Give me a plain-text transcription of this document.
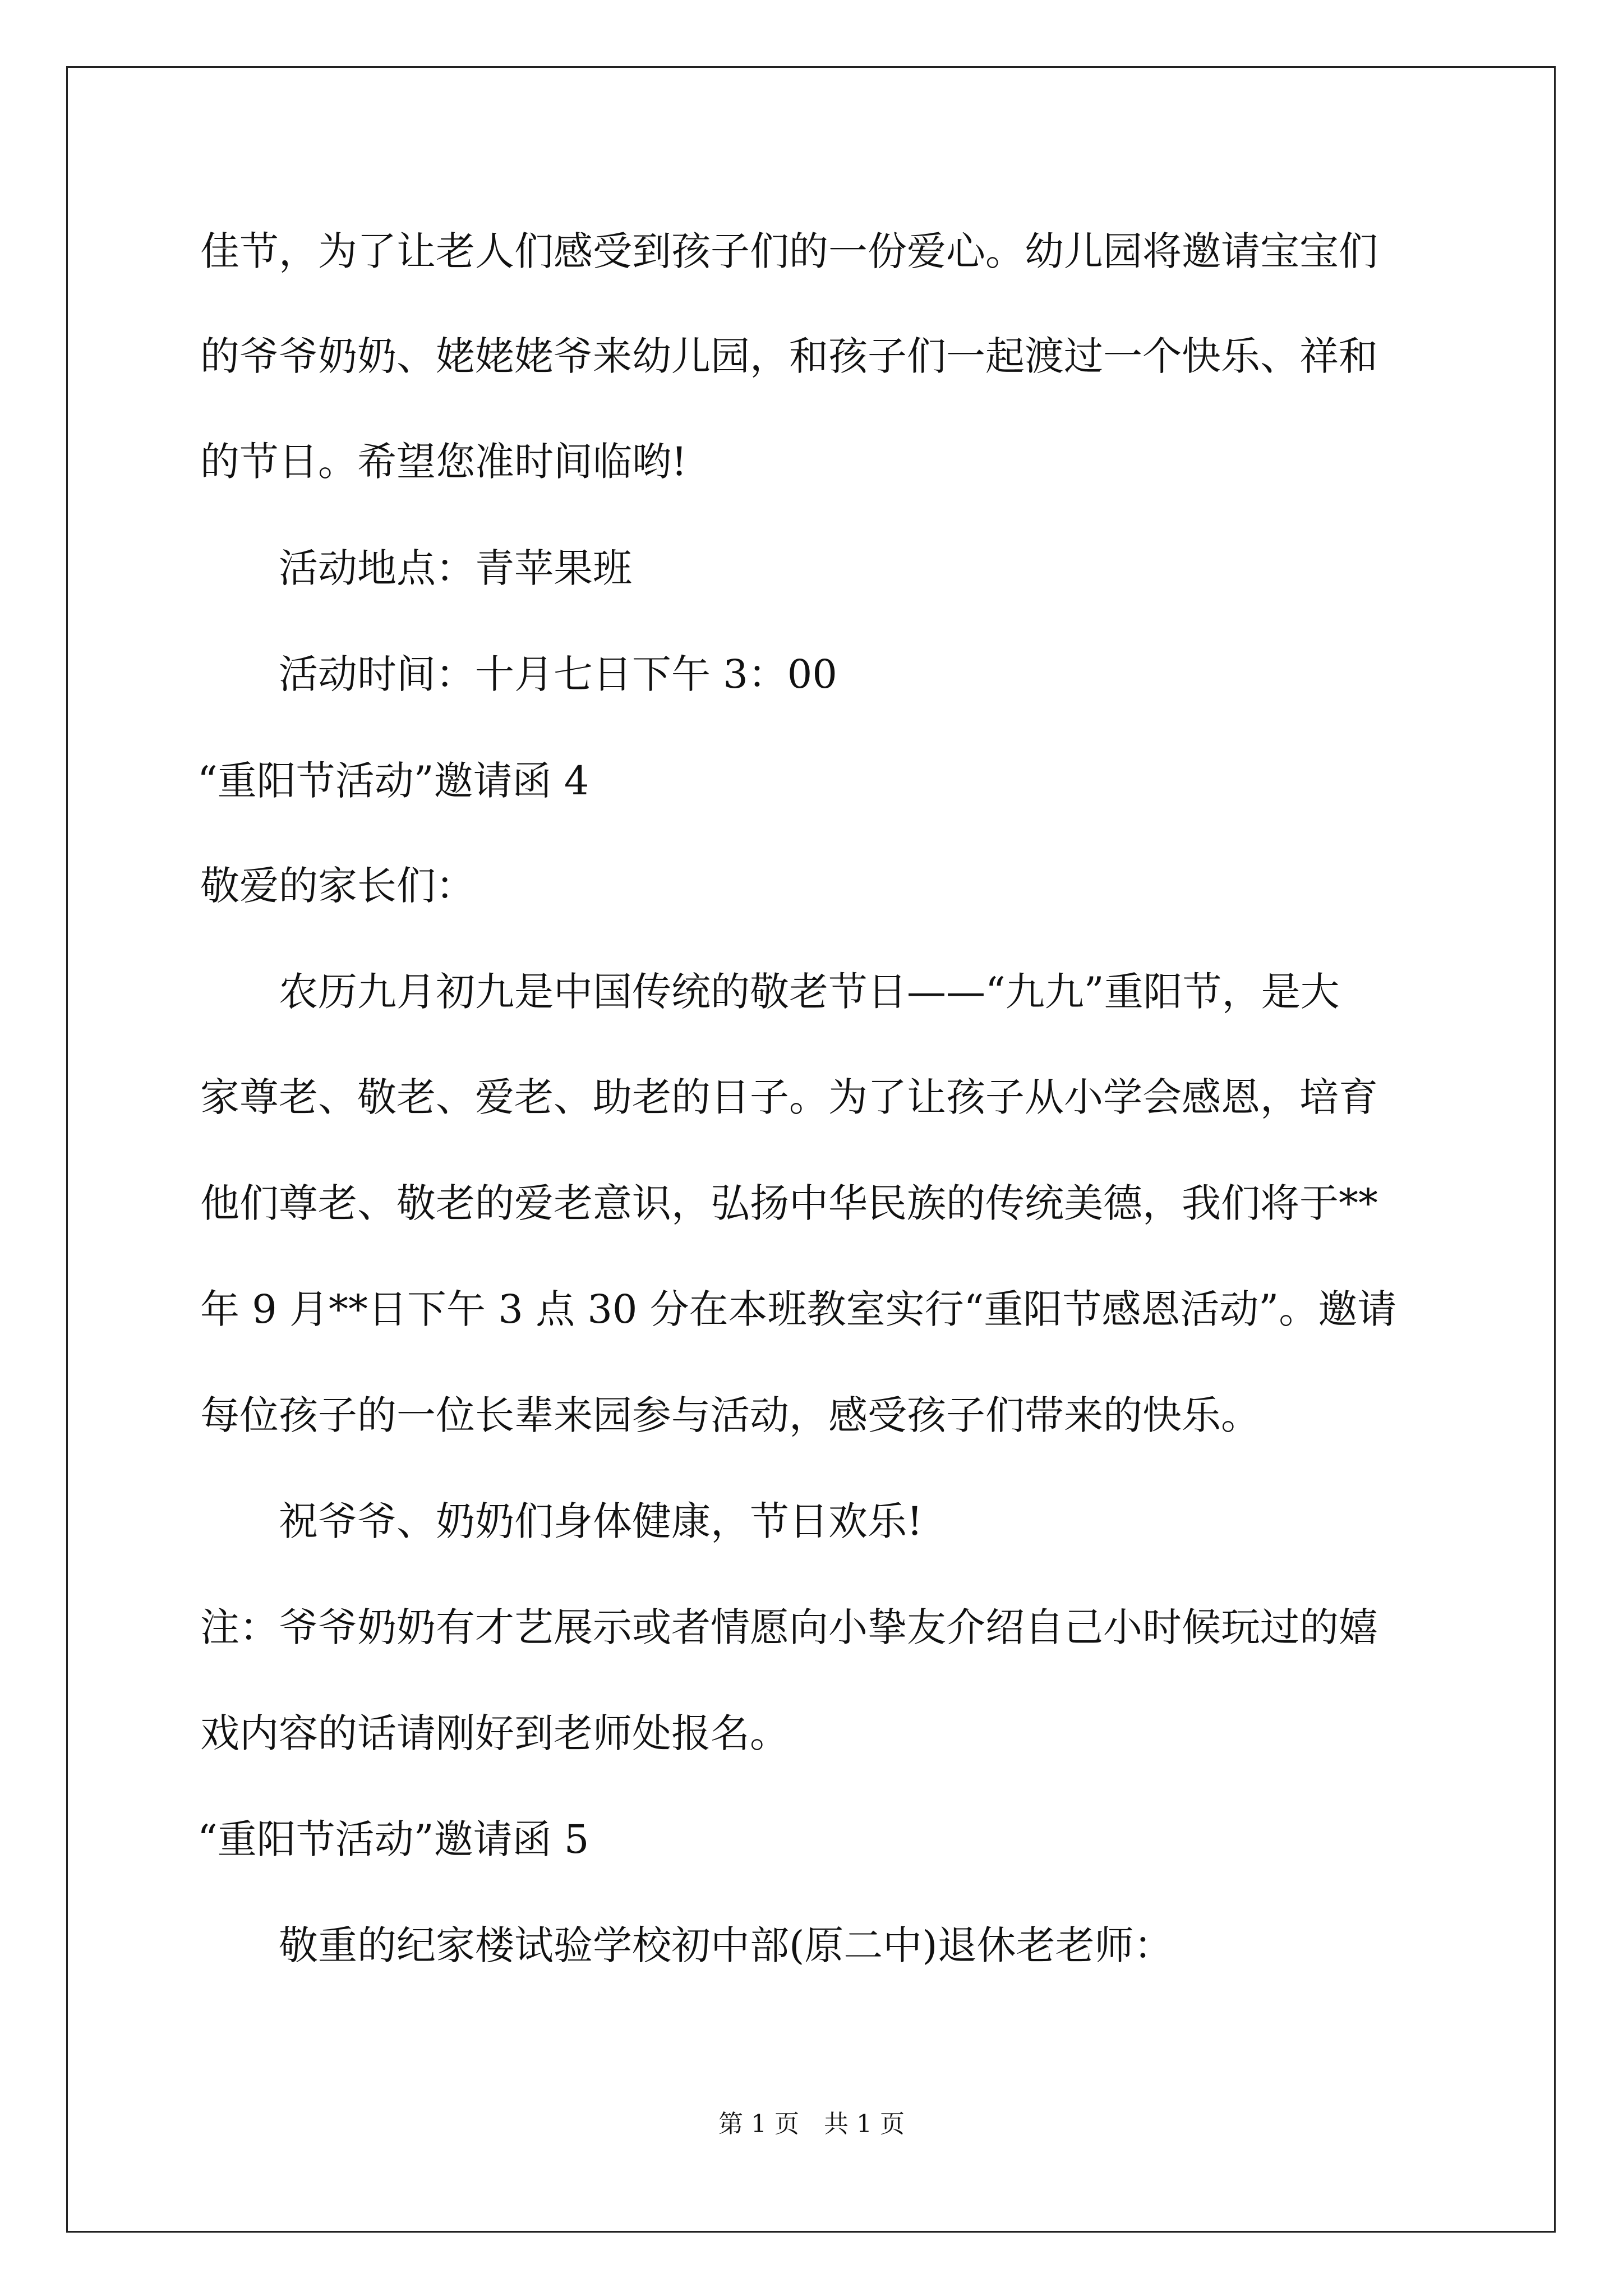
佳节，为了让老人们感受到孩子们的一份爱心。幼儿园将邀请宝宝们
的爷爷奶奶、姥姥姥爷来幼儿园，和孩子们一起渡过一个快乐、祥和
的节日。希望您准时间临哟!
活动地点：青苹果班
活动时间：十月七日下午 3：00
“重阳节活动”邀请函 4
敬爱的家长们：
农历九月初九是中国传统的敬老节日——“九九”重阳节，是大
家尊老、敬老、爱老、助老的日子。为了让孩子从小学会感恩，培育
他们尊老、敬老的爱老意识，弘扬中华民族的传统美德，我们将于**
年 9 月**日下午 3 点 30 分在本班教室实行“重阳节感恩活动”。邀请
每位孩子的一位长辈来园参与活动，感受孩子们带来的快乐。
祝爷爷、奶奶们身体健康，节日欢乐!
注：爷爷奶奶有才艺展示或者情愿向小挚友介绍自己小时候玩过的嬉
戏内容的话请刚好到老师处报名。
“重阳节活动”邀请函 5
敬重的纪家楼试验学校初中部(原二中)退休老老师：
第 1 页　共 1 页
